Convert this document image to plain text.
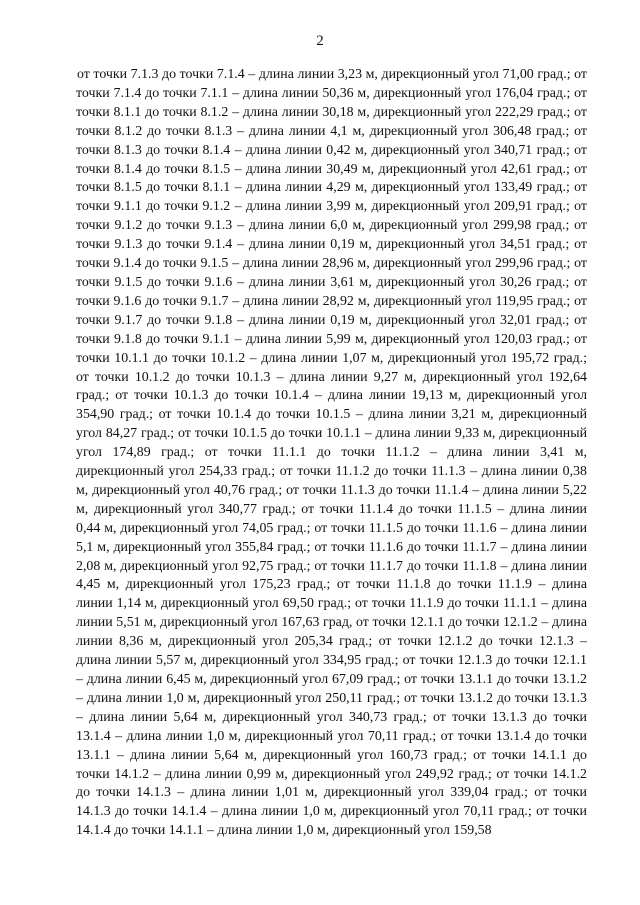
2

от точки 7.1.3 до точки 7.1.4 – длина линии 3,23 м, дирекционный угол 71,00 град.; от точки 7.1.4 до точки 7.1.1 – длина линии 50,36 м, дирекционный угол 176,04 град.; от точки 8.1.1 до точки 8.1.2 – длина линии 30,18 м, дирекционный угол 222,29 град.; от точки 8.1.2 до точки 8.1.3 – длина линии 4,1 м, дирекционный угол 306,48 град.; от точки 8.1.3 до точки 8.1.4 – длина линии 0,42 м, дирекционный угол 340,71 град.; от точки 8.1.4 до точки 8.1.5 – длина линии 30,49 м, дирекционный угол 42,61 град.; от точки 8.1.5 до точки 8.1.1 – длина линии 4,29 м, дирекционный угол 133,49 град.; от точки 9.1.1 до точки 9.1.2 – длина линии 3,99 м, дирекционный угол 209,91 град.; от точки 9.1.2 до точки 9.1.3 – длина линии 6,0 м, дирекционный угол 299,98 град.; от точки 9.1.3 до точки 9.1.4 – длина линии 0,19 м, дирекционный угол 34,51 град.; от точки 9.1.4 до точки 9.1.5 – длина линии 28,96 м, дирекционный угол 299,96 град.; от точки 9.1.5 до точки 9.1.6 – длина линии 3,61 м, дирекционный угол 30,26 град.; от точки 9.1.6 до точки 9.1.7 – длина линии 28,92 м, дирекционный угол 119,95 град.; от точки 9.1.7 до точки 9.1.8 – длина линии 0,19 м, дирекционный угол 32,01 град.; от точки 9.1.8 до точки 9.1.1 – длина линии 5,99 м, дирекционный угол 120,03 град.; от точки 10.1.1 до точки 10.1.2 – длина линии 1,07 м, дирекционный угол 195,72 град.; от точки 10.1.2 до точки 10.1.3 – длина линии 9,27 м, дирекционный угол 192,64 град.; от точки 10.1.3 до точки 10.1.4 – длина линии 19,13 м, дирекционный угол 354,90 град.; от точки 10.1.4 до точки 10.1.5 – длина линии 3,21 м, дирекционный угол 84,27 град.; от точки 10.1.5 до точки 10.1.1 – длина линии 9,33 м, дирекционный угол 174,89 град.; от точки 11.1.1 до точки 11.1.2 – длина линии 3,41 м, дирекционный угол 254,33 град.; от точки 11.1.2 до точки 11.1.3 – длина линии 0,38 м, дирекционный угол 40,76 град.; от точки 11.1.3 до точки 11.1.4 – длина линии 5,22 м, дирекционный угол 340,77 град.; от точки 11.1.4 до точки 11.1.5 – длина линии 0,44 м, дирекционный угол 74,05 град.; от точки 11.1.5 до точки 11.1.6 – длина линии 5,1 м, дирекционный угол 355,84 град.; от точки 11.1.6 до точки 11.1.7 – длина линии 2,08 м, дирекционный угол 92,75 град.; от точки 11.1.7 до точки 11.1.8 – длина линии 4,45 м, дирекционный угол 175,23 град.; от точки 11.1.8 до точки 11.1.9 – длина линии 1,14 м, дирекционный угол 69,50 град.; от точки 11.1.9 до точки 11.1.1 – длина линии 5,51 м, дирекционный угол 167,63 град, от точки 12.1.1 до точки 12.1.2 – длина линии 8,36 м, дирекционный угол 205,34 град.; от точки 12.1.2 до точки 12.1.3 – длина линии 5,57 м, дирекционный угол 334,95 град.; от точки 12.1.3 до точки 12.1.1 – длина линии 6,45 м, дирекционный угол 67,09 град.; от точки 13.1.1 до точки 13.1.2 – длина линии 1,0 м, дирекционный угол 250,11 град.; от точки 13.1.2 до точки 13.1.3 – длина линии 5,64 м, дирекционный угол 340,73 град.; от точки 13.1.3 до точки 13.1.4 – длина линии 1,0 м, дирекционный угол 70,11 град.; от точки 13.1.4 до точки 13.1.1 – длина линии 5,64 м, дирекционный угол 160,73 град.; от точки 14.1.1 до точки 14.1.2 – длина линии 0,99 м, дирекционный угол 249,92 град.; от точки 14.1.2 до точки 14.1.3 – длина линии 1,01 м, дирекционный угол 339,04 град.; от точки 14.1.3 до точки 14.1.4 – длина линии 1,0 м, дирекционный угол 70,11 град.; от точки 14.1.4 до точки 14.1.1 – длина линии 1,0 м, дирекционный угол 159,58
